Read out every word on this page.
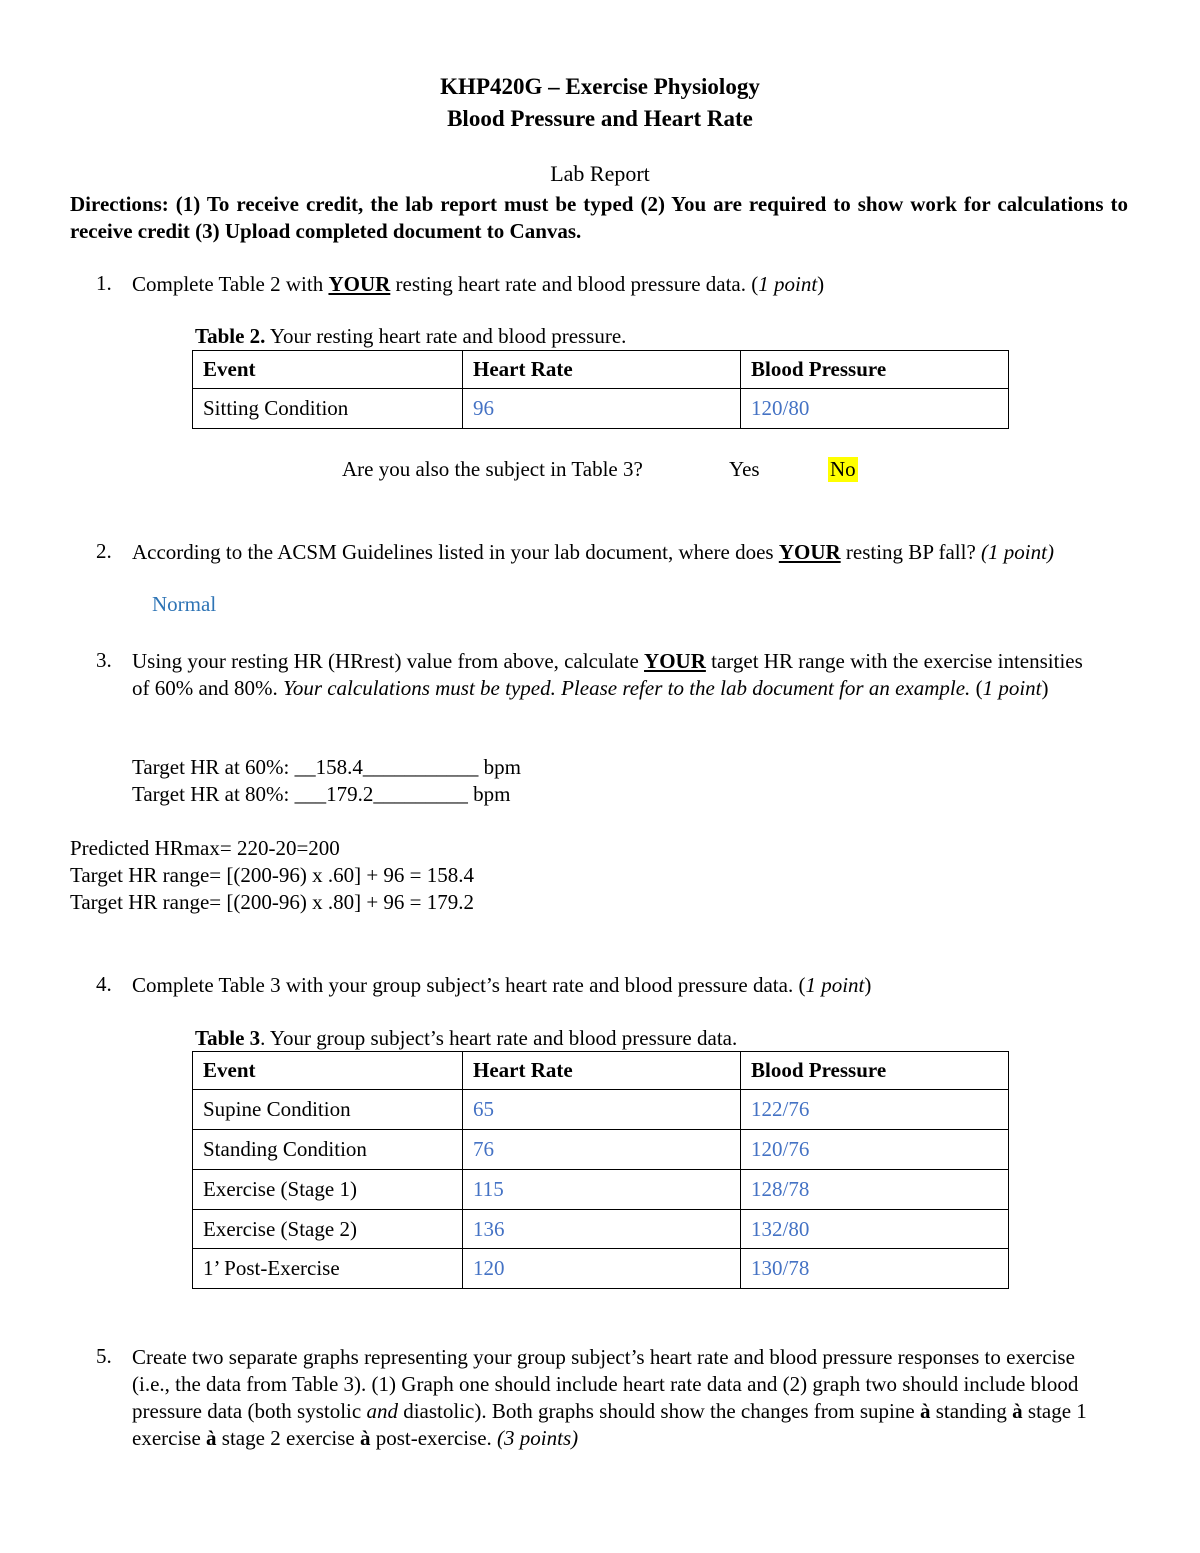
KHP420G – Exercise Physiology
Blood Pressure and Heart Rate
Lab Report
Directions: (1) To receive credit, the lab report must be typed (2) You are required to show work for calculations to receive credit (3) Upload completed document to Canvas.
1. Complete Table 2 with YOUR resting heart rate and blood pressure data. (1 point)
Table 2. Your resting heart rate and blood pressure.
Event	Heart Rate	Blood Pressure
Sitting Condition	96	120/80
Are you also the subject in Table 3?	Yes	No
2. According to the ACSM Guidelines listed in your lab document, where does YOUR resting BP fall? (1 point)
Normal
3. Using your resting HR (HRrest) value from above, calculate YOUR target HR range with the exercise intensities of 60% and 80%. Your calculations must be typed. Please refer to the lab document for an example. (1 point)
Target HR at 60%: __158.4___________ bpm
Target HR at 80%: ___179.2_________ bpm
Predicted HRmax= 220-20=200
Target HR range= [(200-96) x .60] + 96 = 158.4
Target HR range= [(200-96) x .80] + 96 = 179.2
4. Complete Table 3 with your group subject’s heart rate and blood pressure data. (1 point)
Table 3. Your group subject’s heart rate and blood pressure data.
Event	Heart Rate	Blood Pressure
Supine Condition	65	122/76
Standing Condition	76	120/76
Exercise (Stage 1)	115	128/78
Exercise (Stage 2)	136	132/80
1’ Post-Exercise	120	130/78
5. Create two separate graphs representing your group subject’s heart rate and blood pressure responses to exercise (i.e., the data from Table 3). (1) Graph one should include heart rate data and (2) graph two should include blood pressure data (both systolic and diastolic). Both graphs should show the changes from supine à standing à stage 1 exercise à stage 2 exercise à post-exercise. (3 points)
